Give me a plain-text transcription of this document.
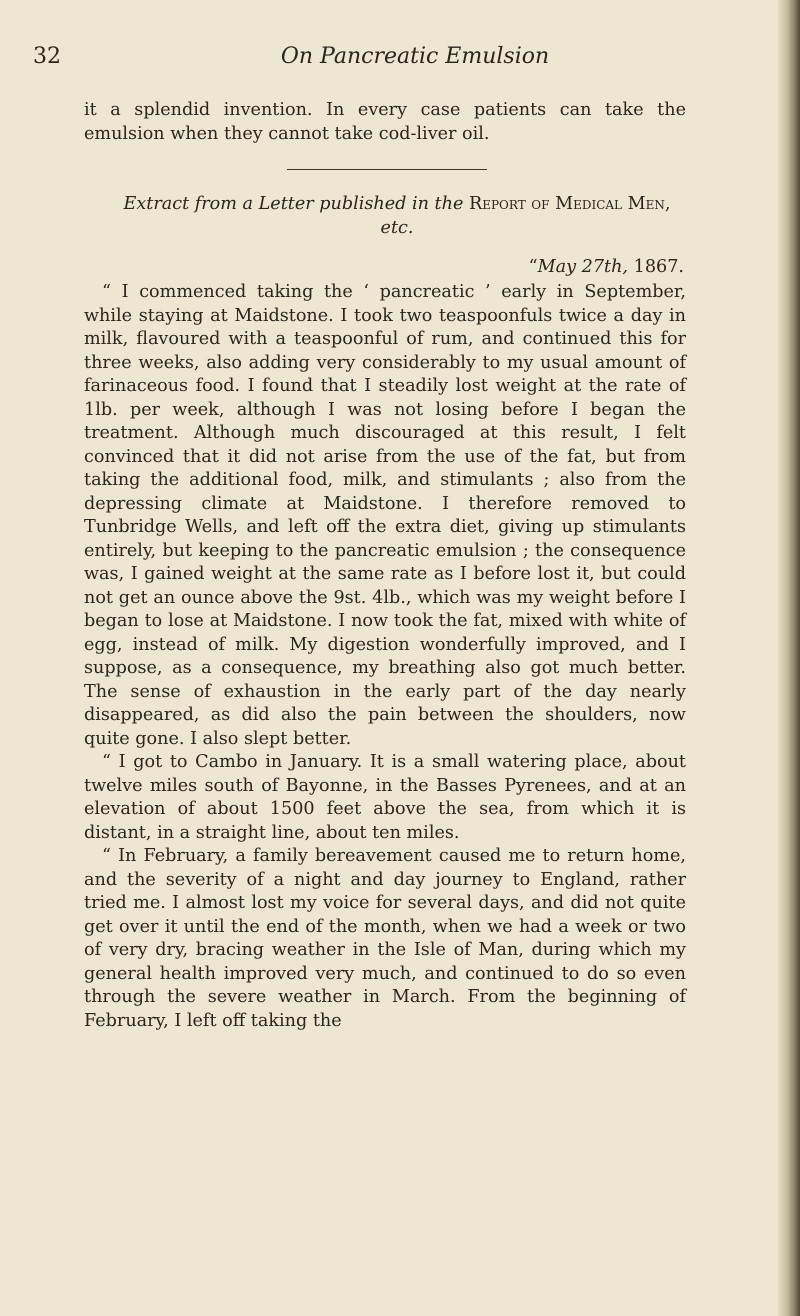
32	On Pancreatic Emulsion
it a splendid invention. In every case patients can take the emulsion when they cannot take cod-liver oil.
Extract from a Letter published in the Report of Medical Men, etc.
“May 27th, 1867.

“ I commenced taking the ‘ pancreatic ’ early in September, while staying at Maidstone. I took two teaspoonfuls twice a day in milk, flavoured with a teaspoonful of rum, and continued this for three weeks, also adding very considerably to my usual amount of farinaceous food. I found that I steadily lost weight at the rate of 1lb. per week, although I was not losing before I began the treatment. Although much discouraged at this result, I felt convinced that it did not arise from the use of the fat, but from taking the additional food, milk, and stimulants ; also from the depressing climate at Maidstone. I therefore removed to Tunbridge Wells, and left off the extra diet, giving up stimulants entirely, but keeping to the pancreatic emulsion ; the consequence was, I gained weight at the same rate as I before lost it, but could not get an ounce above the 9st. 4lb., which was my weight before I began to lose at Maidstone. I now took the fat, mixed with white of egg, instead of milk. My digestion wonderfully improved, and I suppose, as a consequence, my breathing also got much better. The sense of exhaustion in the early part of the day nearly disappeared, as did also the pain between the shoulders, now quite gone. I also slept better.

“ I got to Cambo in January. It is a small watering place, about twelve miles south of Bayonne, in the Basses Pyrenees, and at an elevation of about 1500 feet above the sea, from which it is distant, in a straight line, about ten miles.

“ In February, a family bereavement caused me to return home, and the severity of a night and day journey to England, rather tried me. I almost lost my voice for several days, and did not quite get over it until the end of the month, when we had a week or two of very dry, bracing weather in the Isle of Man, during which my general health improved very much, and continued to do so even through the severe weather in March. From the beginning of February, I left off taking the
